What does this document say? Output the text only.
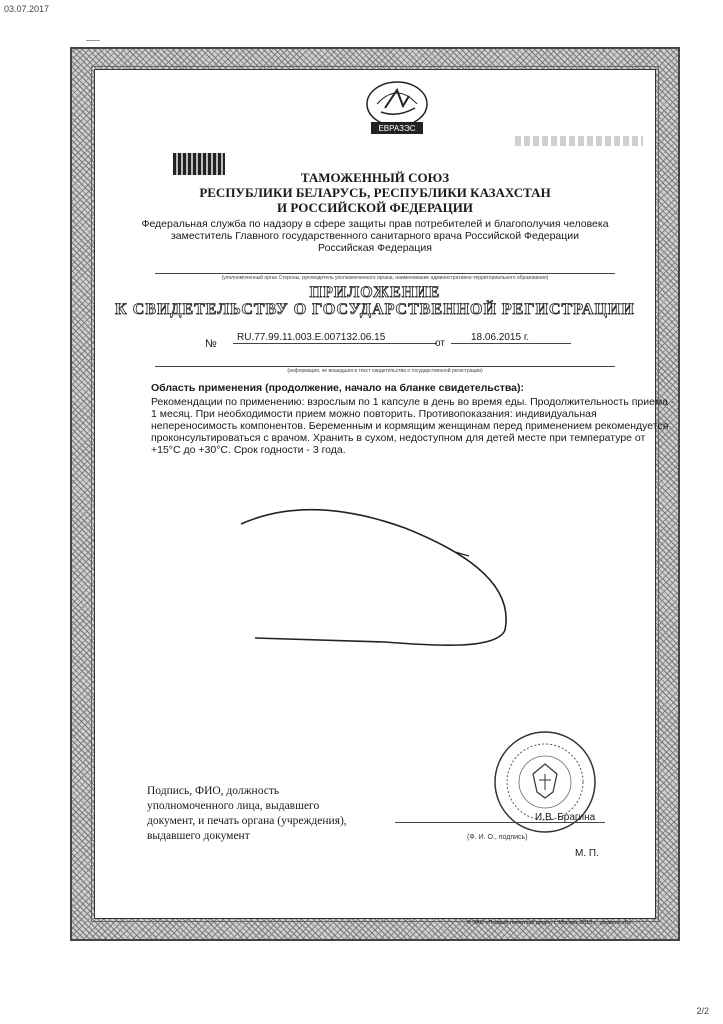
03.07.2017
ЕВРАЗЭС
ТАМОЖЕННЫЙ СОЮЗ
РЕСПУБЛИКИ БЕЛАРУСЬ, РЕСПУБЛИКИ КАЗАХСТАН
И РОССИЙСКОЙ ФЕДЕРАЦИИ
Федеральная служба по надзору в сфере защиты прав потребителей и благополучия человека
заместитель Главного государственного санитарного врача Российской Федерации
Российская Федерация
(уполномоченный орган Стороны, руководитель уполномоченного органа, наименование административно-территориального образования)
ПРИЛОЖЕНИЕ
К СВИДЕТЕЛЬСТВУ О ГОСУДАРСТВЕННОЙ РЕГИСТРАЦИИ
№
RU.77.99.11.003.Е.007132.06.15
от
18.06.2015 г.
(информация, не вошедшая в текст свидетельства о государственной регистрации)
Область применения (продолжение, начало на бланке свидетельства):
Рекомендации по применению: взрослым по 1 капсуле в день во время еды. Продолжительность приема - 1 месяц. При необходимости прием можно повторить. Противопоказания: индивидуальная непереносимость компонентов. Беременным и кормящим женщинам перед применением рекомендуется проконсультироваться с врачом. Хранить в сухом, недоступном для детей месте при температуре от +15°С до +30°С. Срок годности - 3 года.
Подпись, ФИО, должность уполномоченного лица, выдавшего документ, и печать органа (учреждения), выдавшего документ
И.В. Брагина
(Ф. И. О., подпись)
М. П.
© ЗАО «Первый печатный двор», г. Москва, 2015 г., уровень «Б».
2/2
